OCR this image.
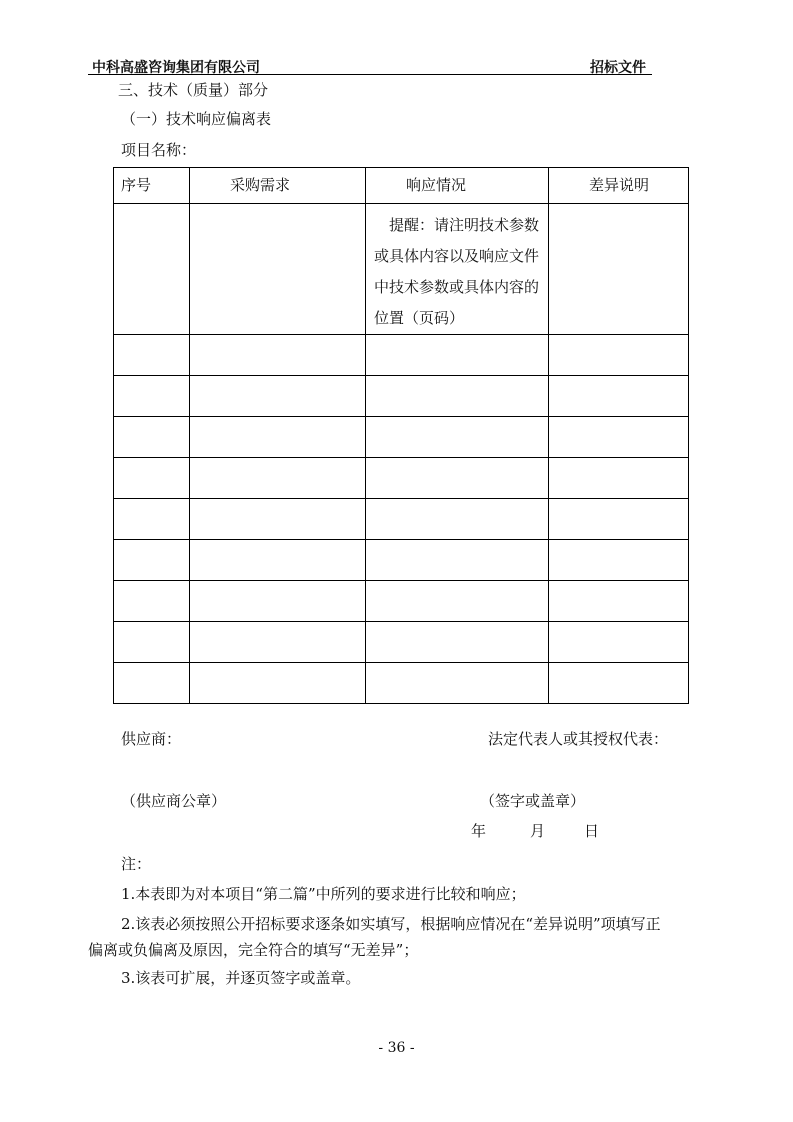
中科高盛咨询集团有限公司	招标文件
三、技术（质量）部分
（一）技术响应偏离表
项目名称：
序号	采购需求	响应情况	差异说明

		提醒：请注明技术参数或具体内容以及响应文件中技术参数或具体内容的位置（页码）	

供应商：	法定代表人或其授权代表：
（供应商公章）	（签字或盖章）
年	月	日
注：
1.本表即为对本项目“第二篇”中所列的要求进行比较和响应；
2.该表必须按照公开招标要求逐条如实填写，根据响应情况在“差异说明”项填写正
偏离或负偏离及原因，完全符合的填写“无差异”；
3.该表可扩展，并逐页签字或盖章。
- 36 -
